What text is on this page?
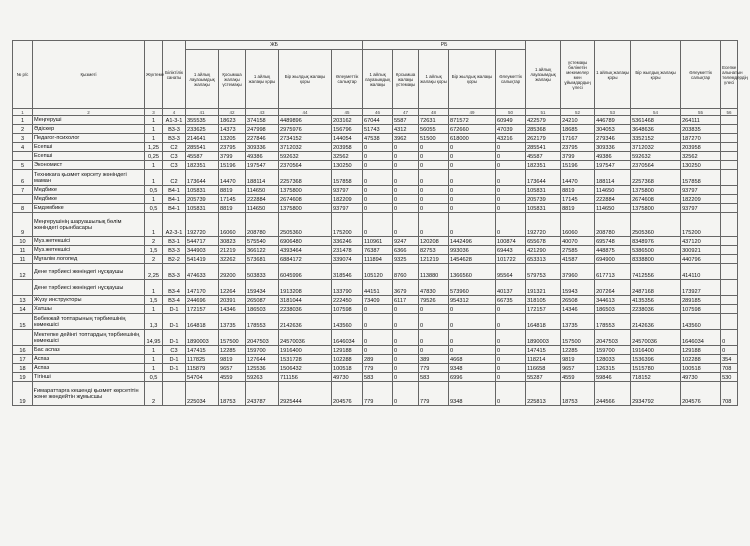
№ р/с	Қызметі	Жүктеме	Біліктілік санаты	ЖБ					РБ					1 айлық лауазымдық жалақы	үстемақы бөлінетін мекемелер мен ұйымдардың үлесі	1 айлық жалақы қоры	Бір жылдық жалақы қоры	Әлеуметтік салықтар	Есепке алынатын төлемдердің үлесі
				1 айлық лауазымдық жалақы	Қосымша жалақы үстемақы	1 айлық жалақы қоры	Бір жылдық жалақы қоры	Әлеуметтік салықтар	1 айлық лауазымдық жалақы	Қосымша жалақы үстемақы	1 айлық жалақы қоры	Бір жылдық жалақы қоры	Әлеуметтік салықтар						
1	2	3	4	41	42	43	44	45	46	47	48	49	50	51	52	53	54	55	56
1	Меңгеруші	1	А1-3-1	355535	18623	374158	4489896	203162	67044	5587	72631	871572	60949	422579	24210	446789	5361468	264111	
2	Әдіскер	1	В3-3	233625	14373	247998	2975976	156796	51743	4312	56055	672660	47039	285368	18685	304053	3648636	203835	
3	Педагог-психолог	1	В3-3	214641	13205	227846	2734152	144054	47538	3962	51500	618000	43216	262179	17167	279346	3352152	187270	
4	Есепші	1,25	С2	285541	23795	309336	3712032	203958	0	0	0	0	0	285541	23795	309336	3712032	203958	
	Есепші	0,25	С3	45587	3799	49386	592632	32562	0	0	0	0	0	45587	3799	49386	592632	32562	
5	Экономист	1	С3	182351	15196	197547	2370564	130250	0	0	0	0	0	182351	15196	197547	2370564	130250	
6	Техникаға қызмет көрсету жөніндегі маман	1	С2	173644	14470	188114	2257368	157858	0	0	0	0	0	173644	14470	188114	2257368	157858	
7	Медбике	0,5	В4-1	105831	8819	114650	1375800	93797	0	0	0	0	0	105831	8819	114650	1375800	93797	
	Медбике	1	В4-1	205739	17145	222884	2674608	182209	0	0	0	0	0	205739	17145	222884	2674608	182209	
8	Емдәмбике	0,5	В4-1	105831	8819	114650	1375800	93797	0	0	0	0	0	105831	8819	114650	1375800	93797	
9	Меңгерушінің шаруашылық бөлім жөніндегі орынбасары	1	А2-3-1	192720	16060	208780	2505360	175200	0	0	0	0	0	192720	16060	208780	2505360	175200	
10	Муз.жетекшісі	2	В3-1	544717	30823	575540	6906480	336246	110961	9247	120208	1442496	100874	655678	40070	695748	8348976	437120	
11	Муз.жетекшісі	1,5	В3-3	344903	21219	366122	4393464	231478	76387	6366	82753	993036	69443	421290	27585	448875	5386500	300921	
11	Мұғалім логопед	2	В2-2	541419	32262	573681	6884172	339074	111894	9325	121219	1454628	101722	653313	41587	694900	8338800	440796	
12	Дене тәрбиесі жөніндегі нұсқаушы	2,25	В3-3	474633	29200	503833	6045996	318546	105120	8760	113880	1366560	95564	579753	37960	617713	7412556	414110	
	Дене тәрбиесі жөніндегі нұсқаушы	1	В3-4	147170	12264	159434	1913208	133790	44151	3679	47830	573960	40137	191321	15943	207264	2487168	173927	
13	Жүзу инструкторы	1,5	В3-4	244696	20391	265087	3181044	222450	73409	6117	79526	954312	66735	318105	26508	344613	4135356	289185	
14	Хатшы	1	D-1	172157	14346	186503	2238036	107598	0	0	0	0	0	172157	14346	186503	2238036	107598	
15	Бөбекжай топтарының тәрбиешінің көмекшісі	1,3	D-1	164818	13735	178553	2142636	143560	0	0	0	0	0	164818	13735	178553	2142636	143560	
	Мектепке дейінгі топтардың тәрбиешінің көмекшісі	14,95	D-1	1890003	157500	2047503	24570036	1646034	0	0	0	0	0	1890003	157500	2047503	24570036	1646034	0
16	Бас аспаз	1	С3	147415	12285	159700	1916400	129188	0	0	0	0	0	147415	12285	159700	1916400	129188	0
17	Аспаз	1	D-1	117825	9819	127644	1531728	102288	289	0	389	4668	0	118214	9819	128033	1536396	102288	354
18	Аспаз	1	D-1	115879	9657	125536	1506432	100518	779	0	779	9348	0	116658	9657	126315	1515780	100518	708
19	Тігінші	0,5		54704	4559	59263	711156	49730	583	0	583	6996	0	55287	4559	59846	718152	49730	530
19	Ғимараттарға кешенді қызмет көрсетітін және жөндейтін жұмысшы	2		225034	18753	243787	2925444	204576	779	0	779	9348	0	225813	18753	244566	2934792	204576	708
